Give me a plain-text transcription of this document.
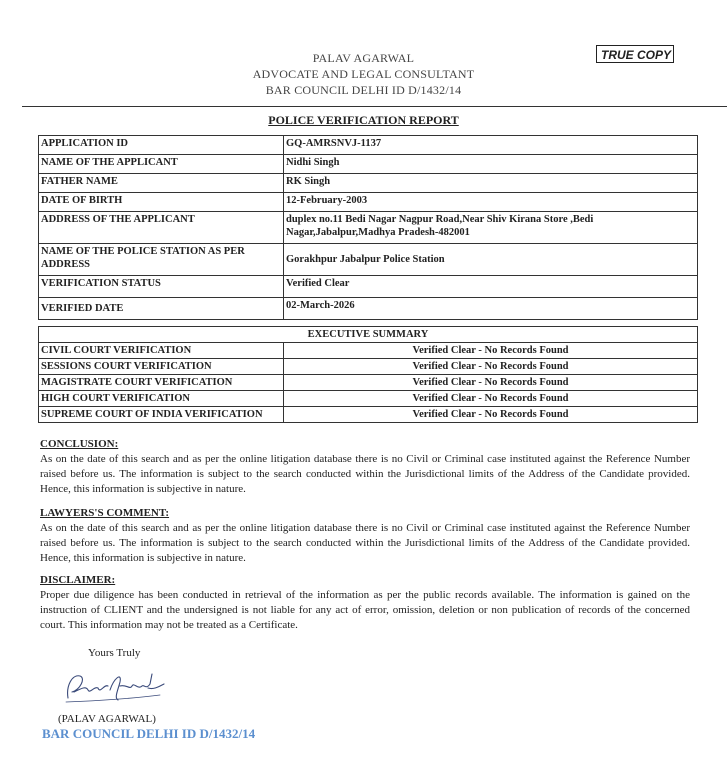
PALAV AGARWAL
ADVOCATE AND LEGAL CONSULTANT
BAR COUNCIL DELHI ID D/1432/14
TRUE COPY
POLICE VERIFICATION REPORT
APPLICATION ID	GQ-AMRSNVJ-1137
NAME OF THE APPLICANT	Nidhi Singh
FATHER NAME	RK Singh
DATE OF BIRTH	12-February-2003
ADDRESS OF THE APPLICANT	duplex no.11 Bedi Nagar Nagpur Road,Near Shiv Kirana Store ,Bedi Nagar,Jabalpur,Madhya Pradesh-482001
NAME OF THE POLICE STATION AS PER ADDRESS	Gorakhpur Jabalpur Police Station
VERIFICATION STATUS	Verified Clear
VERIFIED DATE	02-March-2026
EXECUTIVE SUMMARY	
CIVIL COURT VERIFICATION	Verified Clear - No Records Found
SESSIONS COURT VERIFICATION	Verified Clear - No Records Found
MAGISTRATE COURT VERIFICATION	Verified Clear - No Records Found
HIGH COURT VERIFICATION	Verified Clear - No Records Found
SUPREME COURT OF INDIA VERIFICATION	Verified Clear - No Records Found
CONCLUSION:
As on the date of this search and as per the online litigation database there is no Civil or Criminal case instituted against the Reference Number raised before us. The information is subject to the search conducted within the Jurisdictional limits of the Address of the Candidate provided. Hence, this information is subjective in nature.
LAWYERS'S COMMENT:
As on the date of this search and as per the online litigation database there is no Civil or Criminal case instituted against the Reference Number raised before us. The information is subject to the search conducted within the Jurisdictional limits of the Address of the Candidate provided. Hence, this information is subjective in nature.
DISCLAIMER:
Proper due diligence has been conducted in retrieval of the information as per the public records available. The information is gained on the instruction of CLIENT and the undersigned is not liable for any act of error, omission, deletion or non publication of records of the concerned court. This information may not be treated as a Certificate.
Yours Truly
(PALAV AGARWAL)
BAR COUNCIL DELHI ID D/1432/14
